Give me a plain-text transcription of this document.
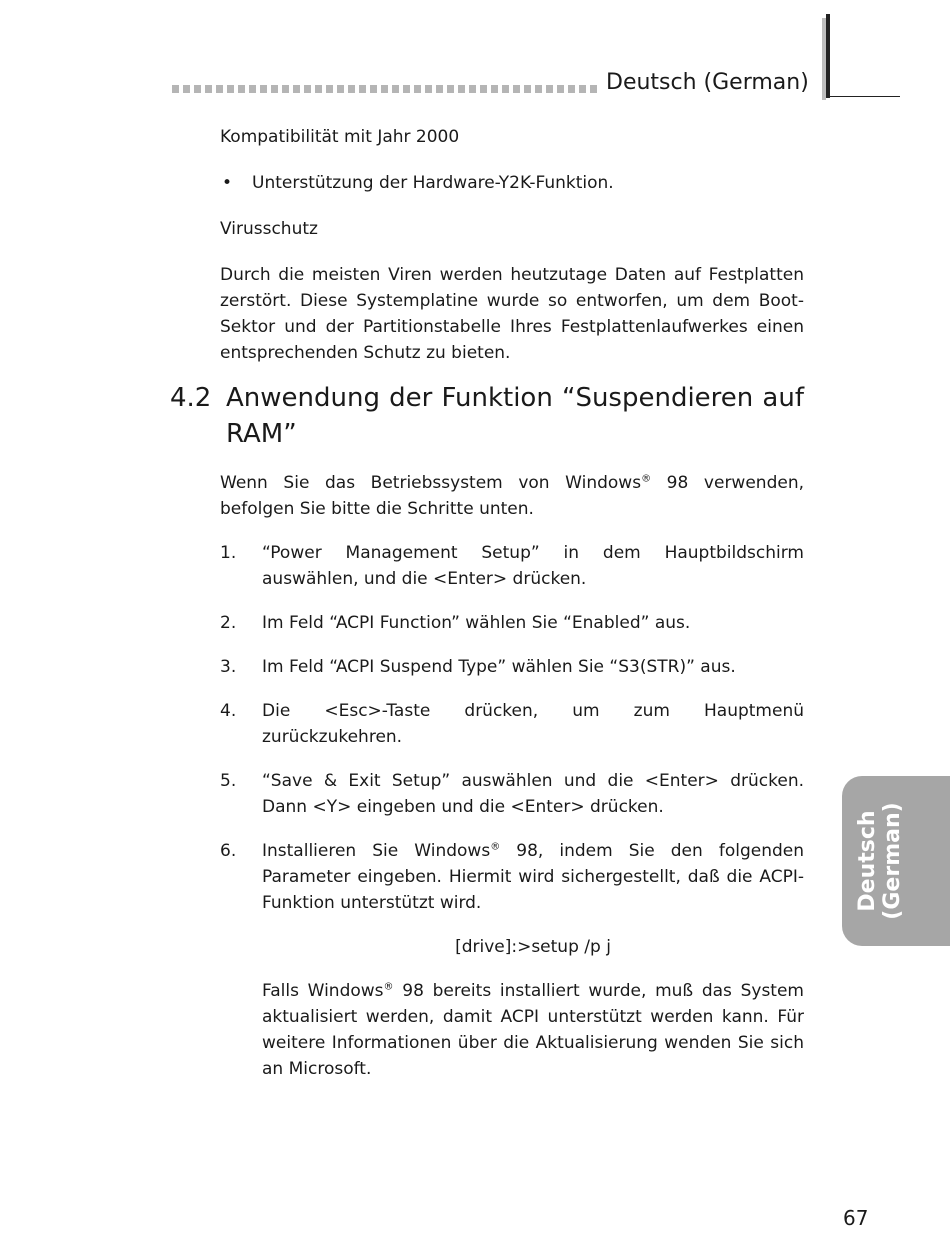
Deutsch (German)
Kompatibilität mit Jahr 2000
•	Unterstützung der Hardware-Y2K-Funktion.
Virusschutz
Durch die meisten Viren werden heutzutage Daten auf Festplatten zerstört. Diese Systemplatine wurde so entworfen, um dem Boot-Sektor und der Partitionstabelle Ihres Festplattenlaufwerkes einen entsprechenden Schutz zu bieten.
4.2 Anwendung der Funktion “Suspendieren auf RAM”
Wenn Sie das Betriebssystem von Windows® 98 verwenden, befolgen Sie bitte die Schritte unten.
1.	“Power Management Setup” in dem Hauptbildschirm auswählen, und die <Enter> drücken.
2.	Im Feld “ACPI Function” wählen Sie “Enabled” aus.
3.	Im Feld “ACPI Suspend Type” wählen Sie “S3(STR)” aus.
4.	Die <Esc>-Taste drücken, um zum Hauptmenü zurückzukehren.
5.	“Save & Exit Setup” auswählen und die <Enter> drücken. Dann <Y> eingeben und die <Enter> drücken.
6.	Installieren Sie Windows® 98, indem Sie den folgenden Parameter eingeben. Hiermit wird sichergestellt, daß die ACPI-Funktion unterstützt wird.
[drive]:>setup /p j
Falls Windows® 98 bereits installiert wurde, muß das System aktualisiert werden, damit ACPI unterstützt werden kann. Für weitere Informationen über die Aktualisierung wenden Sie sich an Microsoft.
Deutsch (German)
67
